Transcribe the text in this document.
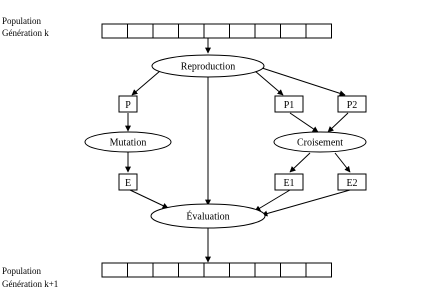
Population
Génération k
Population
Génération k+1
Reproduction
Mutation	Croisement
Évaluation
P	P1	P2
E	E1	E2
